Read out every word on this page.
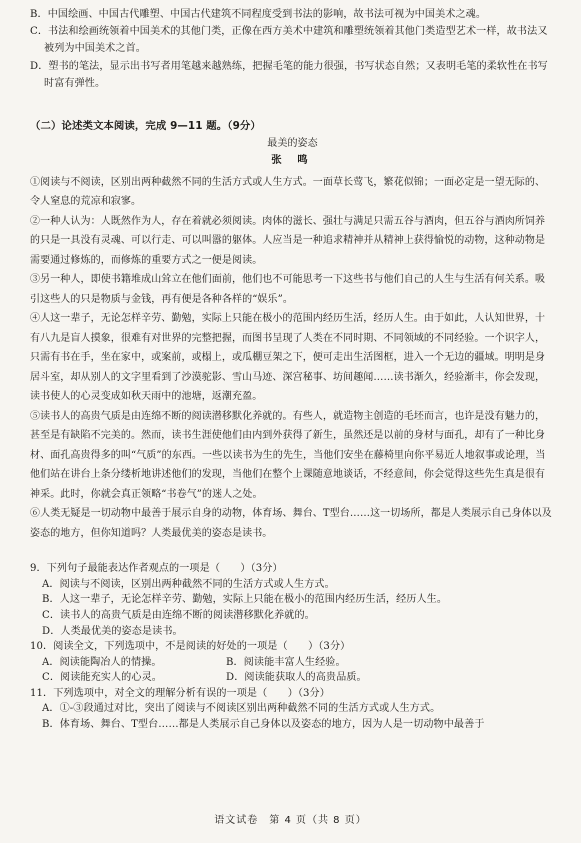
B．中国绘画、中国古代雕塑、中国古代建筑不同程度受到书法的影响，故书法可视为中国美术之魂。

C．书法和绘画统领着中国美术的其他门类，正像在西方美术中建筑和雕塑统领着其他门类造型艺术一样，故书法又被列为中国美术之首。

D．塑书的笔法，显示出书写者用笔越来越熟练，把握毛笔的能力很强，书写状态自然；又表明毛笔的柔软性在书写时富有弹性。

（二）论述类文本阅读，完成 9—11 题。（9分）

最美的姿态

张 鸣

①阅读与不阅读，区别出两种截然不同的生活方式或人生方式。一面草长莺飞，繁花似锦；一面必定是一望无际的、令人窒息的荒凉和寂寥。

②一种人认为：人既然作为人，存在着就必须阅读。肉体的滋长、强壮与满足只需五谷与酒肉，但五谷与酒肉所饲养的只是一具没有灵魂、可以行走、可以叫嚣的躯体。人应当是一种追求精神并从精神上获得愉悦的动物，这种动物是需要通过修炼的，而修炼的重要方式之一便是阅读。

③另一种人，即使书籍堆成山耸立在他们面前，他们也不可能思考一下这些书与他们自己的人生与生活有何关系。吸引这些人的只是物质与金钱，再有便是各种各样的“娱乐”。

④人这一辈子，无论怎样辛劳、勤勉，实际上只能在极小的范围内经历生活，经历人生。由于如此，人认知世界，十有八九是盲人摸象，很难有对世界的完整把握，而图书呈现了人类在不同时期、不同领域的不同经验。一个识字人，只需有书在手，坐在家中，或案前，或榻上，或瓜棚豆架之下，便可走出生活图框，进入一个无边的疆域。明明是身居斗室，却从别人的文字里看到了沙漠驼影、雪山马迹、深宫秘事、坊间趣闻……读书渐久，经验渐丰，你会发现，读书使人的心灵变成如秋天雨中的池塘，返潮充盈。

⑤读书人的高贵气质是由连绵不断的阅读潜移默化养就的。有些人，就造物主创造的毛坯而言，也许是没有魅力的，甚至是有缺陷不完美的。然而，读书生涯使他们由内到外获得了新生，虽然还是以前的身材与面孔，却有了一种比身材、面孔高贵得多的叫“气质”的东西。一些以读书为生的先生，当他们安坐在藤椅里向你平易近人地叙事或论理，当他们站在讲台上条分缕析地讲述他们的发现，当他们在整个上课随意地谈话，不经意间，你会觉得这些先生真是很有神采。此时，你就会真正领略“书卷气”的迷人之处。

⑥人类无疑是一切动物中最善于展示自身的动物，体育场、舞台、T型台……这一切场所，都是人类展示自己身体以及姿态的地方，但你知道吗？人类最优美的姿态是读书。

9．下列句子最能表达作者观点的一项是（　　）（3分）

A．阅读与不阅读，区别出两种截然不同的生活方式或人生方式。

B．人这一辈子，无论怎样辛劳、勤勉，实际上只能在极小的范围内经历生活，经历人生。

C．读书人的高贵气质是由连绵不断的阅读潜移默化养就的。

D．人类最优美的姿态是读书。

10．阅读全文，下列选项中，不是阅读的好处的一项是（　　）（3分）

A．阅读能陶冶人的情操。	B．阅读能丰富人生经验。
C．阅读能充实人的心灵。	D．阅读能获取人的高贵品质。

11．下列选项中，对全文的理解分析有误的一项是（　　）（3分）

A．①-③段通过对比，突出了阅读与不阅读区别出两种截然不同的生活方式或人生方式。

B．体育场、舞台、T型台……都是人类展示自己身体以及姿态的地方，因为人是一切动物中最善于

语文试卷　第 4 页（共 8 页）
